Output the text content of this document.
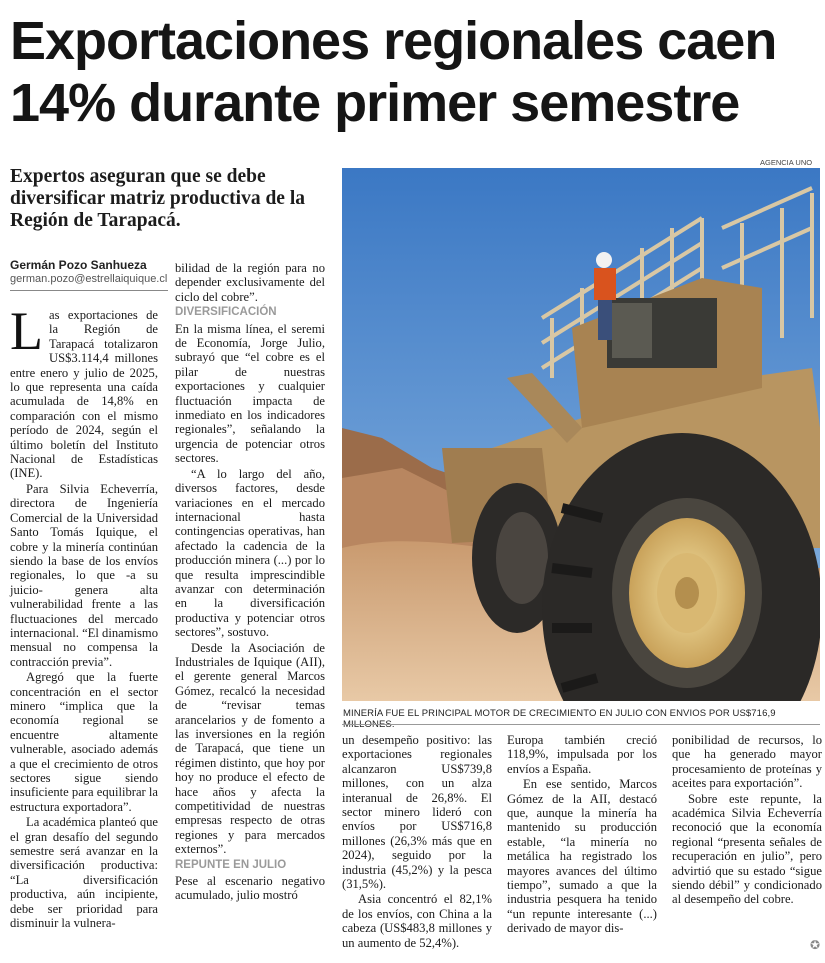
Exportaciones regionales caen 14% durante primer semestre
Expertos aseguran que se debe diversificar matriz productiva de la Región de Tarapacá.
Germán Pozo Sanhueza
german.pozo@estrellaiquique.cl

Las exportaciones de la Región de Tarapacá totalizaron US$3.114,4 millones entre enero y julio de 2025, lo que representa una caída acumulada de 14,8% en comparación con el mismo período de 2024, según el último boletín del Instituto Nacional de Estadísticas (INE).

Para Silvia Echeverría, directora de Ingeniería Comercial de la Universidad Santo Tomás Iquique, el cobre y la minería continúan siendo la base de los envíos regionales, lo que -a su juicio- genera alta vulnerabilidad frente a las fluctuaciones del mercado internacional. “El dinamismo mensual no compensa la contracción previa”.

Agregó que la fuerte concentración en el sector minero “implica que la economía regional se encuentre altamente vulnerable, asociado además a que el crecimiento de otros sectores sigue siendo insuficiente para equilibrar la estructura exportadora”.

La académica planteó que el gran desafío del segundo semestre será avanzar en la diversificación productiva: “La diversificación productiva, aún incipiente, debe ser prioridad para disminuir la vulnera-

bilidad de la región para no depender exclusivamente del ciclo del cobre”.

DIVERSIFICACIÓN

En la misma línea, el seremi de Economía, Jorge Julio, subrayó que “el cobre es el pilar de nuestras exportaciones y cualquier fluctuación impacta de inmediato en los indicadores regionales”, señalando la urgencia de potenciar otros sectores.

“A lo largo del año, diversos factores, desde variaciones en el mercado internacional hasta contingencias operativas, han afectado la cadencia de la producción minera (...) por lo que resulta imprescindible avanzar con determinación en la diversificación productiva y potenciar otros sectores”, sostuvo.

Desde la Asociación de Industriales de Iquique (AII), el gerente general Marcos Gómez, recalcó la necesidad de “revisar temas arancelarios y de fomento a las inversiones en la región de Tarapacá, que tiene un régimen distinto, que hoy por hoy no produce el efecto de hace años y afecta la competitividad de nuestras empresas respecto de otras regiones y para mercados externos”.

REPUNTE EN JULIO

Pese al escenario negativo acumulado, julio mostró

AGENCIA UNO
MINERÍA FUE EL PRINCIPAL MOTOR DE CRECIMIENTO EN JULIO CON ENVIOS POR US$716,9 MILLONES.

un desempeño positivo: las exportaciones regionales alcanzaron US$739,8 millones, con un alza interanual de 26,8%. El sector minero lideró con envíos por US$716,8 millones (26,3% más que en 2024), seguido por la industria (45,2%) y la pesca (31,5%).

Asia concentró el 82,1% de los envíos, con China a la cabeza (US$483,8 millones y un aumento de 52,4%).

Europa también creció 118,9%, impulsada por los envíos a España.

En ese sentido, Marcos Gómez de la AII, destacó que, aunque la minería ha mantenido su producción estable, “la minería no metálica ha registrado los mayores avances del último tiempo”, sumado a que la industria pesquera ha tenido “un repunte interesante (...) derivado de mayor dis-

ponibilidad de recursos, lo que ha generado mayor procesamiento de proteínas y aceites para exportación”.

Sobre este repunte, la académica Silvia Echeverría reconoció que la economía regional “presenta señales de recuperación en julio”, pero advirtió que su estado “sigue siendo débil” y condicionado al desempeño del cobre.

✪
